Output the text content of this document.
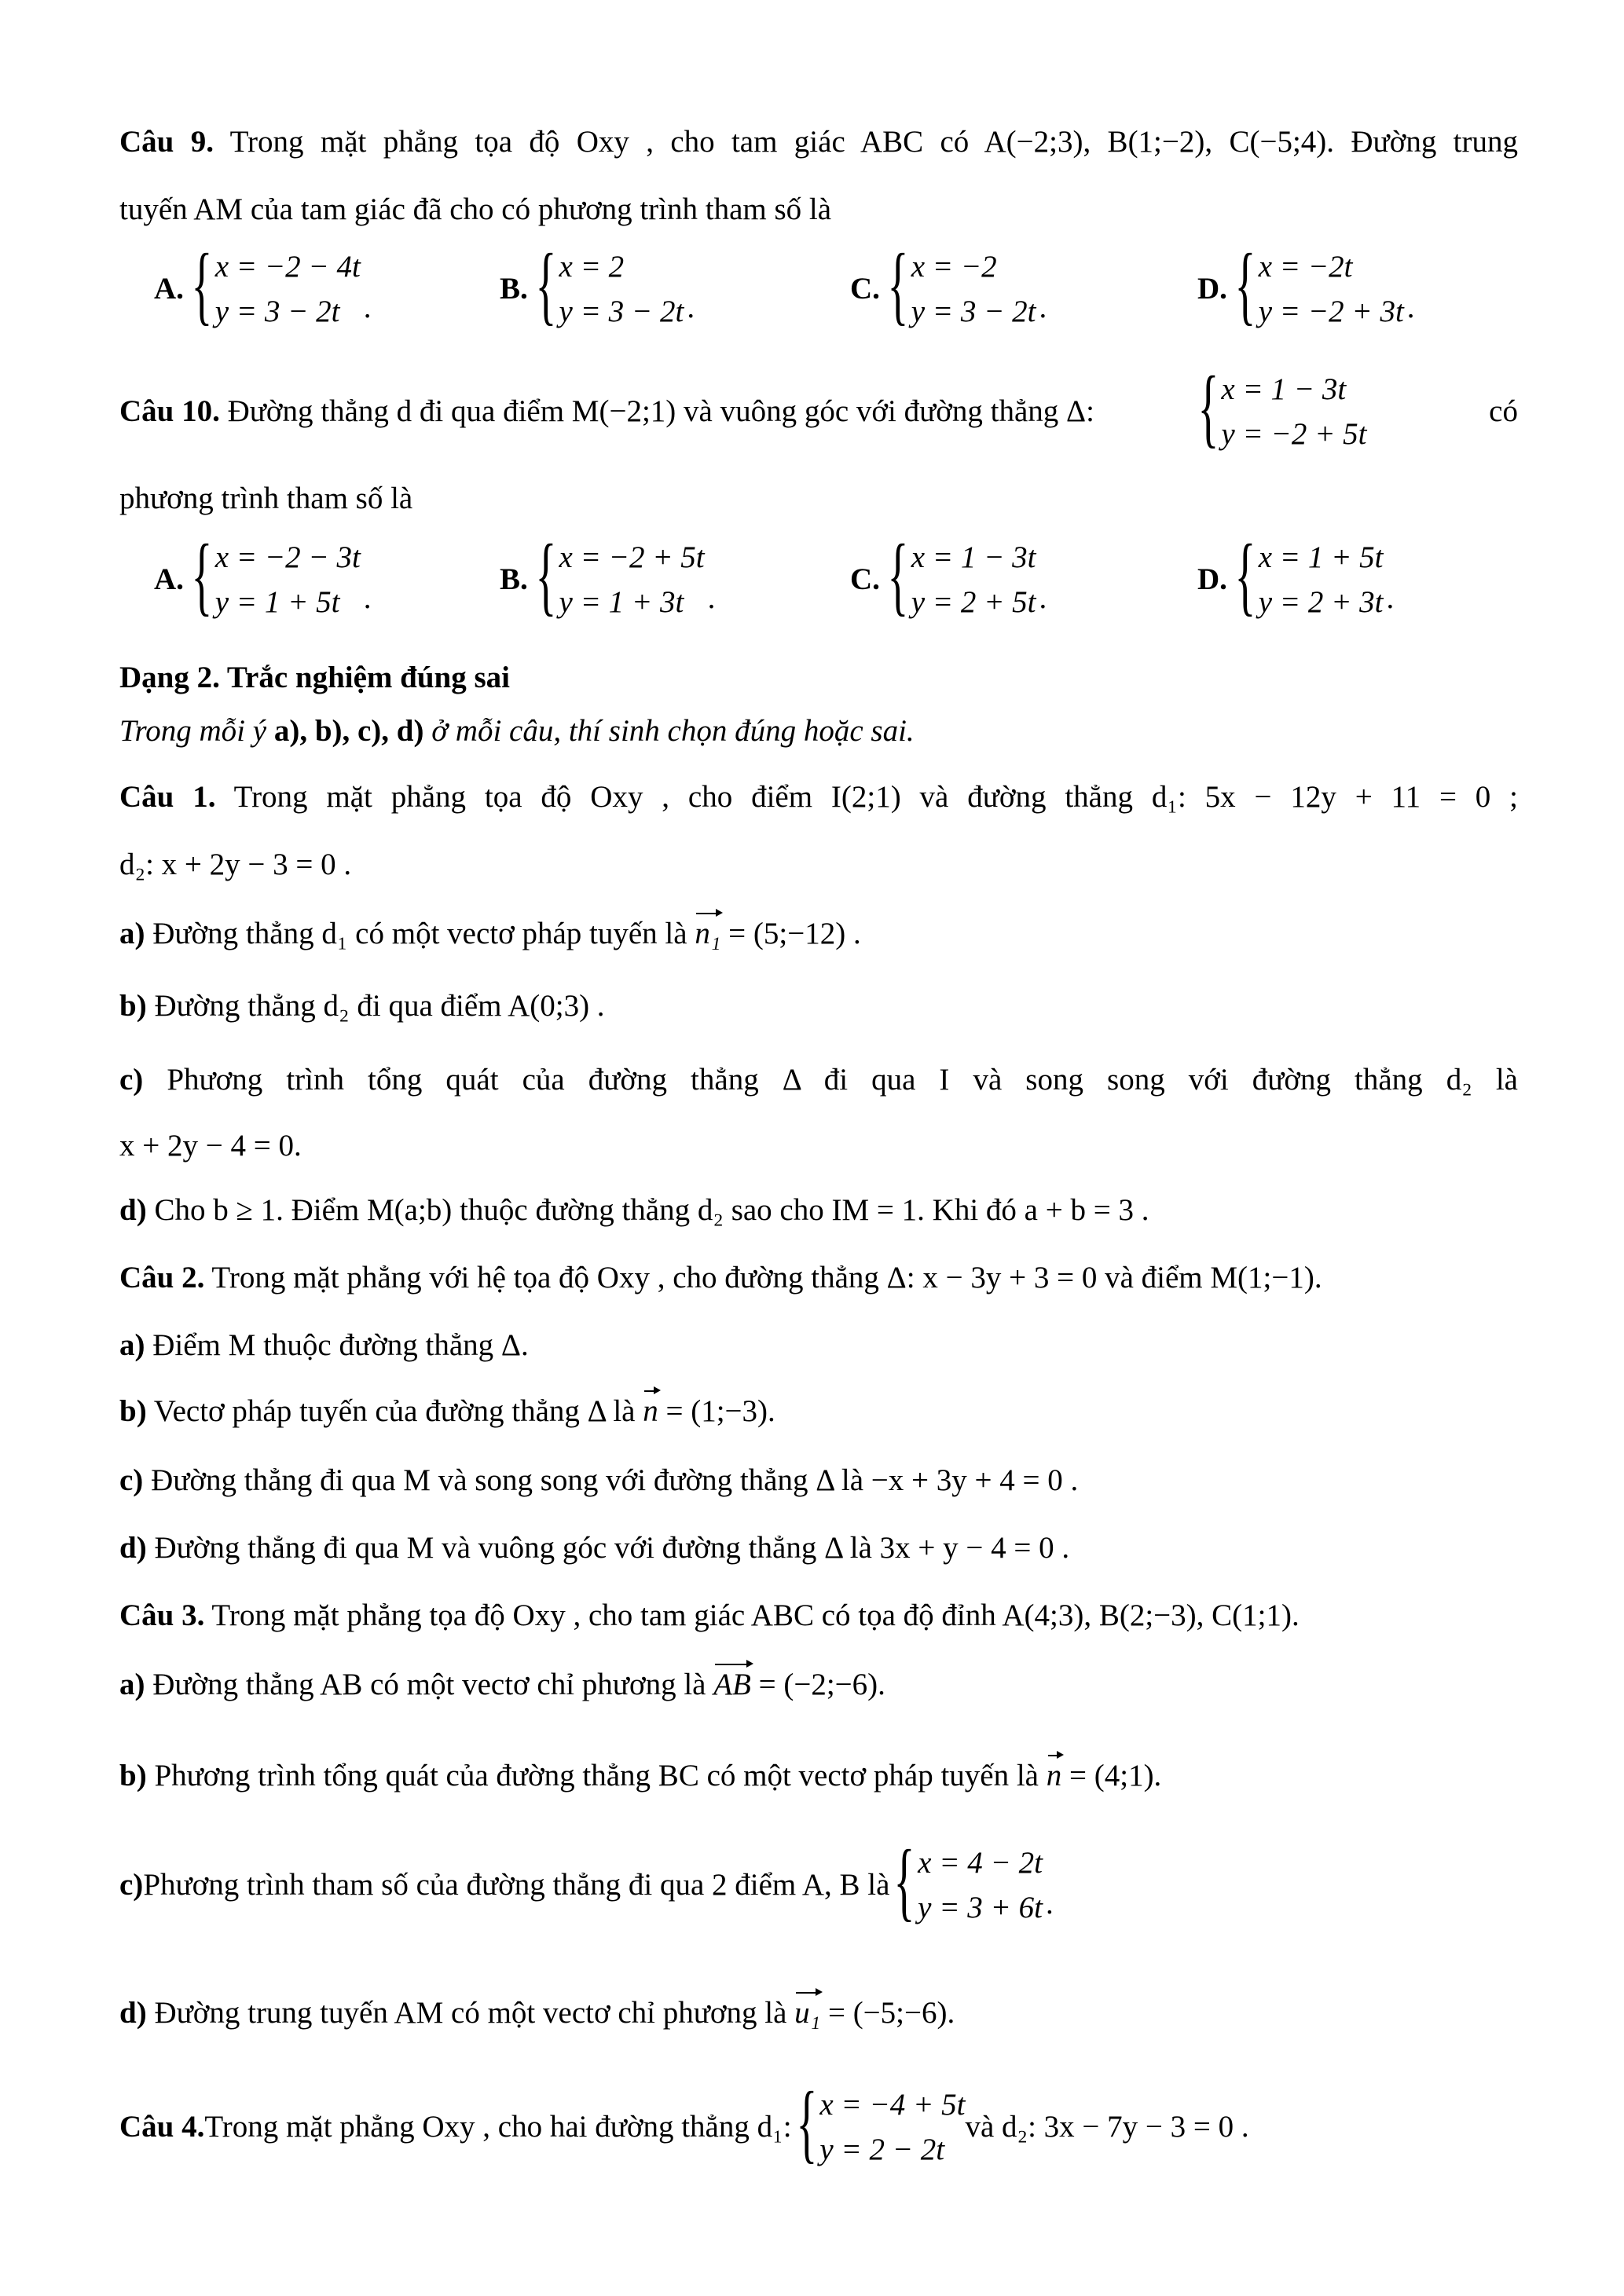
Câu 9. Trong mặt phẳng tọa độ Oxy , cho tam giác ABC có A(−2;3), B(1;−2), C(−5;4). Đường trung
tuyến AM của tam giác đã cho có phương trình tham số là
A. { x = −2 − 4t
y = 3 − 2t .
B. { x = 2
y = 3 − 2t .
C. { x = −2
y = 3 − 2t .
D. { x = −2t
y = −2 + 3t .
Câu 10. Đường thẳng d đi qua điểm M(−2;1) và vuông góc với đường thẳng Δ: { x = 1 − 3t
y = −2 + 5t
có
phương trình tham số là
A. { x = −2 − 3t
y = 1 + 5t .
B. { x = −2 + 5t
y = 1 + 3t .
C. { x = 1 − 3t
y = 2 + 5t .
D. { x = 1 + 5t
y = 2 + 3t .
Dạng 2. Trắc nghiệm đúng sai
Trong mỗi ý a), b), c), d) ở mỗi câu, thí sinh chọn đúng hoặc sai.
Câu 1. Trong mặt phẳng tọa độ Oxy , cho điểm I(2;1) và đường thẳng d₁: 5x − 12y + 11 = 0 ;
d₂: x + 2y − 3 = 0 .
a) Đường thẳng d₁ có một vectơ pháp tuyến là n₁ = (5;−12) .
b) Đường thẳng d₂ đi qua điểm A(0;3) .
c) Phương trình tổng quát của đường thẳng Δ đi qua I và song song với đường thẳng d₂ là
x + 2y − 4 = 0.
d) Cho b ≥ 1. Điểm M(a;b) thuộc đường thẳng d₂ sao cho IM = 1. Khi đó a + b = 3 .
Câu 2. Trong mặt phẳng với hệ tọa độ Oxy , cho đường thẳng Δ: x − 3y + 3 = 0 và điểm M(1;−1).
a) Điểm M thuộc đường thẳng Δ.
b) Vectơ pháp tuyến của đường thẳng Δ là n = (1;−3).
c) Đường thẳng đi qua M và song song với đường thẳng Δ là −x + 3y + 4 = 0 .
d) Đường thẳng đi qua M và vuông góc với đường thẳng Δ là 3x + y − 4 = 0 .
Câu 3. Trong mặt phẳng tọa độ Oxy , cho tam giác ABC có tọa độ đỉnh A(4;3), B(2;−3), C(1;1).
a) Đường thẳng AB có một vectơ chỉ phương là AB = (−2;−6).
b) Phương trình tổng quát của đường thẳng BC có một vectơ pháp tuyến là n = (4;1).
c) Phương trình tham số của đường thẳng đi qua 2 điểm A, B là { x = 4 − 2t
y = 3 + 6t .
d) Đường trung tuyến AM có một vectơ chỉ phương là u₁ = (−5;−6).
Câu 4. Trong mặt phẳng Oxy , cho hai đường thẳng d₁: { x = −4 + 5t
y = 2 − 2t
và d₂: 3x − 7y − 3 = 0 .
